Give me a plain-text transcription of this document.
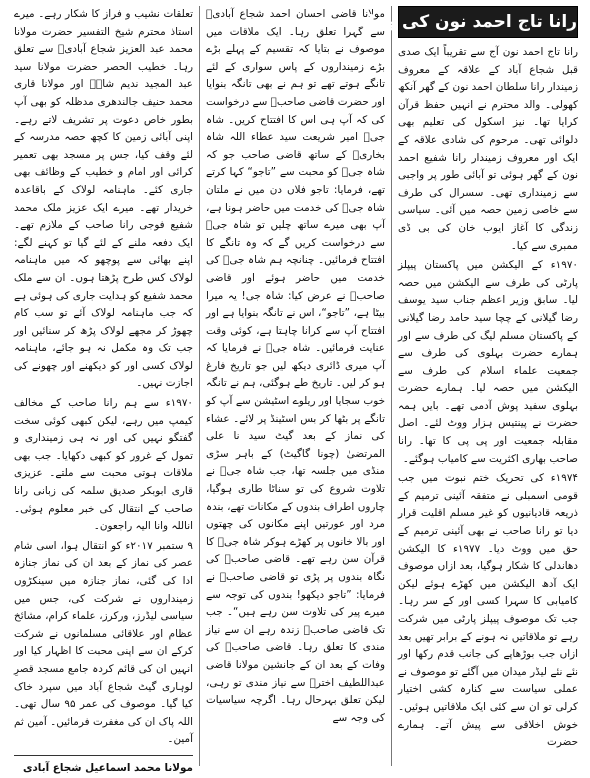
رانا تاج احمد نون کی وفات

رانا تاج احمد نون آج سے تقریباً ایک صدی قبل شجاع آباد کے علاقہ کے معروف زمیندار رانا سلطان احمد نون کے گھر آنکھ کھولی۔ والد محترم نے انہیں حفظ قرآن کرایا تھا۔ نیز اسکول کی تعلیم بھی دلوائی تھی۔ مرحوم کی شادی علاقہ کے ایک اور معروف زمیندار رانا شفیع احمد نون کے گھر ہوئی تو آبائی طور پر واجبی سے زمینداری تھی۔ سسرال کی طرف سے خاصی زمین حصہ میں آئی۔ سیاسی زندگی کا آغاز ایوب خان کی بی ڈی ممبری سے کیا۔

۱۹۷۰ء کے الیکشن میں پاکستان پیپلز پارٹی کی طرف سے الیکشن میں حصہ لیا۔ سابق وزیر اعظم جناب سید یوسف رضا گیلانی کے چچا سید حامد رضا گیلانی کے پاکستان مسلم لیگ کی طرف سے اور ہمارے حضرت بہلوی کی طرف سے جمعیت علماء اسلام کی طرف سے الیکشن میں حصہ لیا۔ ہمارے حضرت بہلوی سفید پوش آدمی تھے۔ بایں ہمہ حضرت نے پینتیس ہزار ووٹ لئے۔ اصل مقابلہ جمعیت اور پی پی کا تھا۔ رانا صاحب بھاری اکثریت سے کامیاب ہوگئے۔

۱۹۷۴ء کی تحریک ختم نبوت میں جب قومی اسمبلی نے متفقہ آئینی ترمیم کے ذریعہ قادیانیوں کو غیر مسلم اقلیت قرار دیا تو رانا صاحب نے بھی آئینی ترمیم کے حق میں ووٹ دیا۔ ۱۹۷۷ء کا الیکشن دھاندلی کا شکار ہوگیا، بعد ازاں موصوف ایک آدھ الیکشن میں کھڑے ہوئے لیکن کامیابی کا سہرا کسی اور کے سر رہا۔ جب تک موصوف پیپلز پارٹی میں شرکت رہے تو ملاقاتیں نہ ہونے کے برابر تھیں بعد ازاں جب بوڑھاپے کی جانب قدم رکھا اور نئے نئے لیڈر میدان میں آگئے تو موصوف نے عملی سیاست سے کنارہ کشی اختیار کرلی تو ان سے کئی ایک ملاقاتیں ہوئیں۔ خوش اخلاقی سے پیش آتے۔ ہمارے حضرت

مولانا قاضی احسان احمد شجاع آبادیؒ سے گہرا تعلق رہا۔ ایک ملاقات میں موصوف نے بتایا کہ تقسیم کے پہلے بڑے بڑے زمینداروں کے پاس سواری کے لئے تانگے ہوتے تھے تو ہم نے بھی تانگہ بنوایا اور حضرت قاضی صاحبؒ سے درخواست کی کہ آپ ہی اس کا افتتاح کریں۔ شاہ جیؒ امیر شریعت سید عطاء اللہ شاہ بخاریؒ کے ساتھ قاضی صاحب جو کہ شاہ جیؒ کو محبت سے ”تاجو“ کہا کرتے تھے، فرمایا: تاجو فلاں دن میں نے ملتان شاہ جیؒ کی خدمت میں حاضر ہونا ہے، آپ بھی میرے ساتھ چلیں تو شاہ جیؒ سے درخواست کریں گے کہ وہ تانگے کا افتتاح فرمائیں۔ چنانچہ ہم شاہ جیؒ کی خدمت میں حاضر ہوئے اور قاضی صاحبؒ نے عرض کیا: شاہ جی! یہ میرا بیٹا ہے، ”تاجو“، اس نے تانگہ بنوایا ہے اور افتتاح آپ سے کرانا چاہتا ہے، کوئی وقت عنایت فرمائیں۔ شاہ جیؒ نے فرمایا کہ آپ میری ڈائری دیکھ لیں جو تاریخ فارغ ہو کر لیں۔ تاریخ طے ہوگئی، ہم نے تانگہ خوب سجایا اور ریلوے اسٹیشن سے آپ کو تانگے پر بٹھا کر بس اسٹینڈ پر لائے۔ عشاء کی نماز کے بعد گیٹ سید نا علی المرتضیٰ (چونا گاگیٹ) کے باہر سڑی منڈی میں جلسہ تھا، جب شاہ جیؒ نے تلاوت شروع کی تو سناٹا طاری ہوگیا، چاروں اطراف بندوں کے مکانات تھے، بندہ مرد اور عورتیں اپنے مکانوں کی چھتوں اور بالا خانوں پر کھڑے ہوکر شاہ جیؒ کا قرآن سن رہے تھے۔ قاضی صاحبؒ کی نگاہ بندوں پر پڑی تو قاضی صاحبؒ نے فرمایا: ”تاجو دیکھو! بندوں کی توجہ سے میرے پیر کی تلاوت سن رہے ہیں“۔ جب تک قاضی صاحبؒ زندہ رہے ان سے نیاز مندی کا تعلق رہا۔ قاضی صاحبؒ کی وفات کے بعد ان کے جانشین مولانا قاضی عبداللطیف اخترؒ سے نیاز مندی تو رہی، لیکن تعلق بہرحال رہا۔ اگرچہ سیاسیات کی وجہ سے

تعلقات نشیب و فراز کا شکار رہے۔ میرے استاذ محترم شیخ التفسیر حضرت مولانا محمد عبد العزیز شجاع آبادیؒ سے تعلق رہا۔ خطیب الحصر حضرت مولانا سید عبد المجید ندیم شاہؒ اور مولانا قاری محمد حنیف جالندھری مدظلہ کو بھی آپ بطور خاص دعوت پر تشریف لاتے رہے۔ اپنی آبائی زمین کا کچھ حصہ مدرسہ کے لئے وقف کیا، جس پر مسجد بھی تعمیر کرائی اور امام و خطیب کے وظائف بھی جاری کئے۔ ماہنامہ لولاک کے باقاعدہ خریدار تھے۔ میرے ایک عزیز ملک محمد شفیع فوجی رانا صاحب کے ملازم تھے۔ ایک دفعہ ملنے کے لئے گیا تو کہنے لگے: اپنے بھائی سے پوچھو کہ میں ماہنامہ لولاک کس طرح پڑھتا ہوں۔ ان سے ملک محمد شفیع کو ہدایت جاری کی ہوئی ہے کہ جب ماہنامہ لولاک آئے تو سب کام چھوڑ کر مجھے لولاک پڑھ کر سنائیں اور جب تک وہ مکمل نہ ہو جائے، ماہنامہ لولاک کسی اور کو دیکھنے اور چھونے کی اجازت نہیں۔

۱۹۷۰ء سے ہم رانا صاحب کے مخالف کیمپ میں رہے، لیکن کبھی کوئی سخت گفتگو نہیں کی اور نہ ہی زمینداری و تمول کے غرور کو کبھی دکھایا۔ جب بھی ملاقات ہوتی محبت سے ملتے۔ عزیزی قاری ابوبکر صدیق سلمہ کی زبانی رانا صاحب کے انتقال کی خبر معلوم ہوئی۔ اناللہ وانا الیہ راجعون۔

۹ ستمبر ۲۰۱۷ء کو انتقال ہوا، اسی شام عصر کی نماز کے بعد ان کی نماز جنازہ ادا کی گئی، نماز جنازہ میں سینکڑوں زمینداروں نے شرکت کی، جس میں سیاسی لیڈرز، ورکرز، علماء کرام، مشائخ عظام اور علاقائی مسلمانوں نے شرکت کرکے ان سے اپنی محبت کا اظہار کیا اور انہیں ان کی قائم کردہ جامع مسجد قصرِ لوہاری گیٹ شجاع آباد میں سپرد خاک کیا گیا۔ موصوف کی عمر ۹۵ سال تھی۔ اللہ پاک ان کی مغفرت فرمائیں۔ آمین ثم آمین۔

مولانا محمد اسماعیل شجاع آبادی
